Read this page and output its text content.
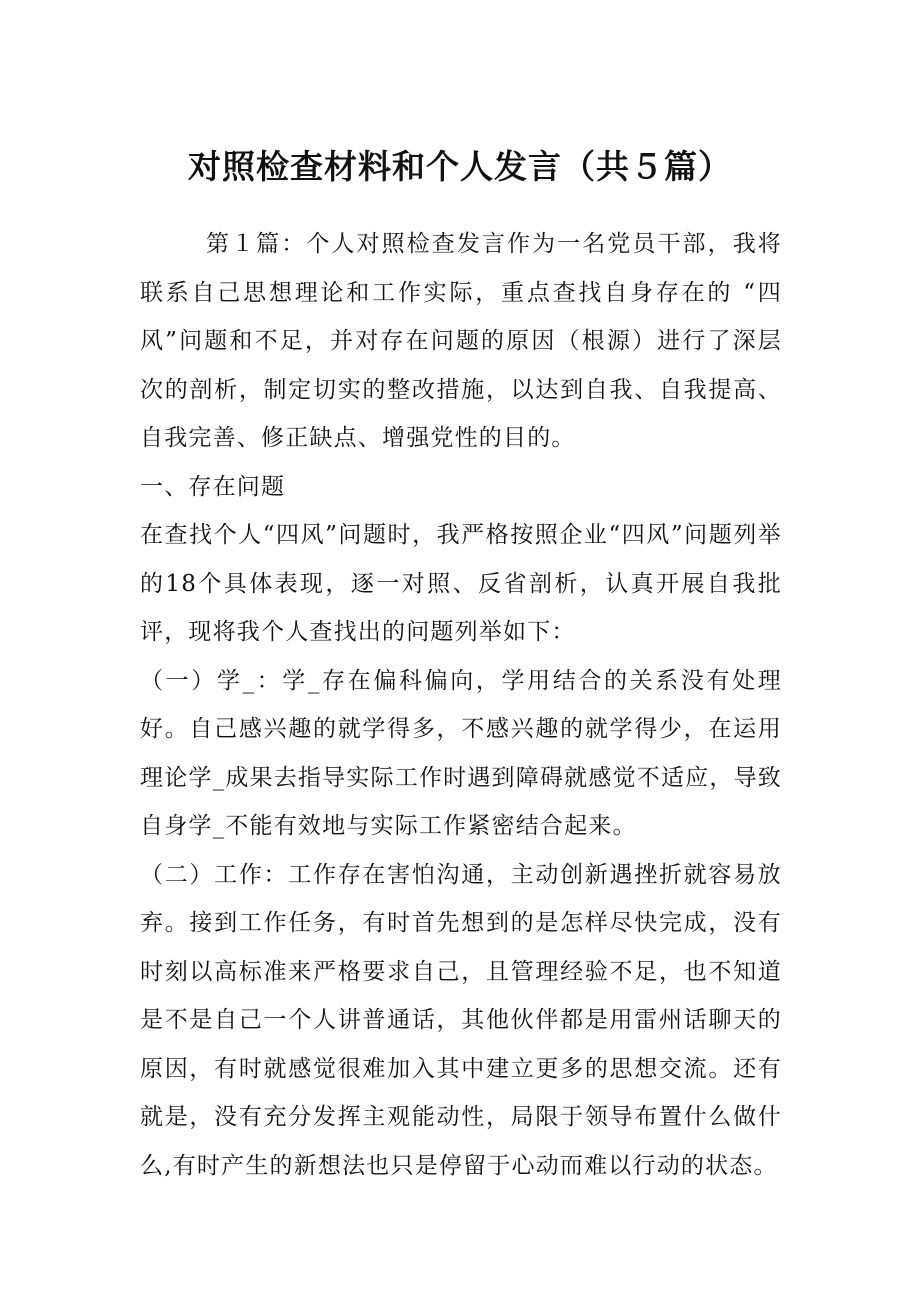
对照检查材料和个人发言（共５篇）

第１篇：个人对照检查发言作为一名党员干部，我将联系自己思想理论和工作实际，重点查找自身存在的 “四风”问题和不足，并对存在问题的原因（根源）进行了深层次的剖析，制定切实的整改措施，以达到自我、自我提高、自我完善、修正缺点、增强党性的目的。

一、存在问题

在查找个人“四风”问题时，我严格按照企业“四风”问题列举的18个具体表现，逐一对照、反省剖析，认真开展自我批评，现将我个人查找出的问题列举如下：

（一）学_：学_存在偏科偏向，学用结合的关系没有处理好。自己感兴趣的就学得多，不感兴趣的就学得少，在运用理论学_成果去指导实际工作时遇到障碍就感觉不适应，导致自身学_不能有效地与实际工作紧密结合起来。

（二）工作：工作存在害怕沟通，主动创新遇挫折就容易放弃。接到工作任务，有时首先想到的是怎样尽快完成，没有时刻以高标准来严格要求自己，且管理经验不足，也不知道是不是自己一个人讲普通话，其他伙伴都是用雷州话聊天的原因，有时就感觉很难加入其中建立更多的思想交流。还有就是，没有充分发挥主观能动性，局限于领导布置什么做什么,有时产生的新想法也只是停留于心动而难以行动的状态。
